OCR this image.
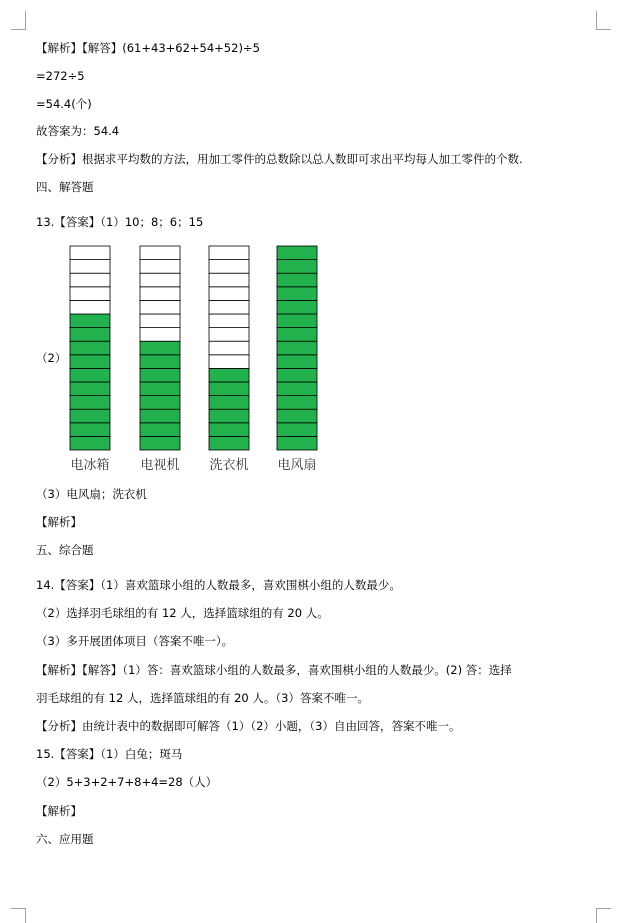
【解析】【解答】(61+43+62+54+52)÷5
=272÷5
=54.4(个)
故答案为：54.4
【分析】根据求平均数的方法，用加工零件的总数除以总人数即可求出平均每人加工零件的个数.
四、解答题
13.【答案】（1）10；8；6；15
（2）
电冰箱 电视机 洗衣机 电风扇
（3）电风扇；洗衣机
【解析】
五、综合题
14.【答案】（1）喜欢篮球小组的人数最多，喜欢围棋小组的人数最少。
（2）选择羽毛球组的有 12 人，选择篮球组的有 20 人。
（3）多开展团体项目（答案不唯一）。
【解析】【解答】（1）答：喜欢篮球小组的人数最多，喜欢围棋小组的人数最少。(2) 答：选择
羽毛球组的有 12 人，选择篮球组的有 20 人。（3）答案不唯一。
【分析】由统计表中的数据即可解答（1）（2）小题，（3）自由回答，答案不唯一。
15.【答案】（1）白兔；斑马
（2）5+3+2+7+8+4=28（人）
【解析】
六、应用题
